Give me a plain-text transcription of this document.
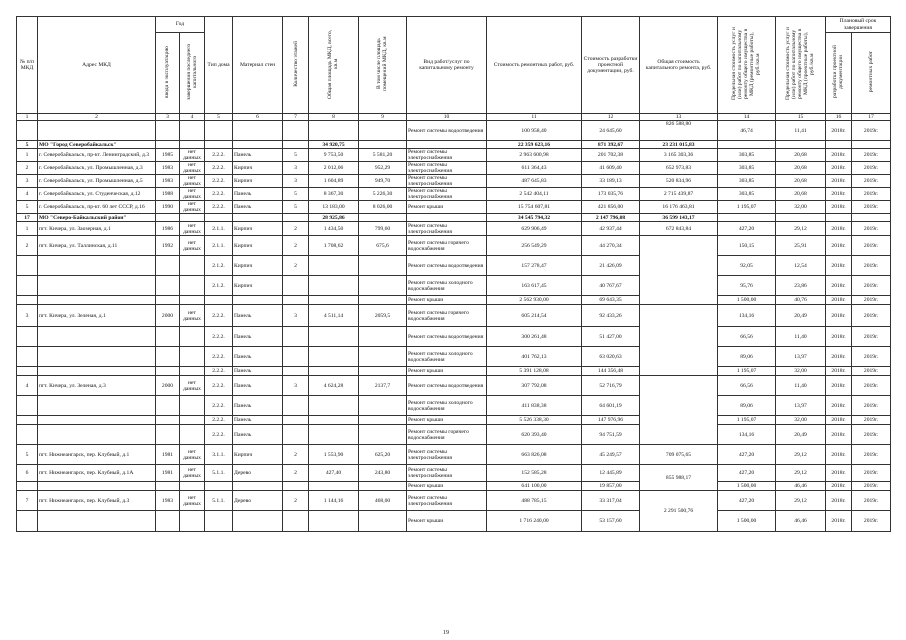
№ п/п МКД	Адрес МКД	Год		Тип дома	Материал стен	Количество этажей	Общая площадь МКД, всего, кв.м	В том числе площадь помещений МКД, кв.м	Вид работ/услуг по капитальному ремонту	Стоимость ремонтных работ, руб.	Стоимость разработки проектной документации, руб.	Общая стоимость капитального ремонта, руб.	Предельная стоимость услуг и (или) работ по капитальному ремонту общего имущества в МКД (ремонтные работы), руб./кв.м	Предельная стоимость услуг и (или) работ по капитальному ремонту общего имущества в МКД (проектные работы), руб./кв.м	Плановый срок завершения	
		ввода в эксплуатацию	завершения последнего капитального												разработки проектной документации	ремонтных работ
1	2	3	4	5	6	7	8	9	10	11	12	13	14	15	16	17
									Ремонт системы водоотведения	100 958,40	24 645,60	826 588,80	46,74	11,41	2018г.	2019г.
5	МО "Город Северобайкальск"						34 920,75			22 359 623,16	871 392,67	23 231 015,83				
1	г. Северобайкальск, пр-кт. Ленинградский, д.3	1985	нет данных	2.2.2.	Панель	5	9 753,50	5 581,20	Ремонт системы электроснабжения	2 963 600,98	201 702,38	3 165 303,36	303,85	20,68	2018г.	2019г.
2	г. Северобайкальск, ул. Промышленная, д.3	1983	нет данных	2.2.2.	Кирпич	3	2 012,06	952,29	Ремонт системы электроснабжения	611 364,43	41 609,40	652 973,83	303,85	20,68	2018г.	2019г.
3	г. Северобайкальск, ул. Промышленная, д.5	1983	нет данных	2.2.2.	Кирпич	3	1 604,89	949,70	Ремонт системы электроснабжения	487 645,83	33 189,13	520 834,96	303,85	20,68	2018г.	2019г.
4	г. Северобайкальск, ул. Студенческая, д.12	1988	нет данных	2.2.2.	Панель	5	8 367,30	5 226,30	Ремонт системы электроснабжения	2 542 404,11	173 035,76	2 715 439,87	303,85	20,68	2018г.	2019г.
5	г. Северобайкальск, пр-кт. 60 лет СССР, д.16	1990	нет данных	2.2.2.	Панель	5	13 183,00	8 026,00	Ремонт крыши	15 754 607,81	421 856,00	16 176 463,81	1 195,07	32,00	2018г.	2019г.
17	МО "Северо-Байкальский район"						28 925,86			34 545 794,32	2 147 796,08	36 599 143,17				
1	пгт. Кичера, ул. Заозерная, д.1	1986	нет данных	2.1.1.	Кирпич	2	1 434,50	799,60	Ремонт системы электроснабжения	629 906,49	42 937,44	672 843,84	427,20	29,12	2018г.	2019г.
2	пгт. Кичера, ул. Таллинская, д.11	1992	нет данных	2.1.1.	Кирпич	2	1 708,62	675,6	Ремонт системы горячего водоснабжения	256 549,29	44 270,34		150,15	25,91	2018г.	2019г.
				2.1.2.	Кирпич	2			Ремонт системы водоотведения	157 278,47	21 426,09		92,05	12,54	2018г.	2019г.
				2.1.2.	Кирпич				Ремонт системы холодного водоснабжения	163 617,45	40 767,67		95,76	23,86	2018г.	2019г.
									Ремонт крыши	2 562 930,00	69 643,35		1 500,00	40,76	2018г.	2019г.
3	пгт. Кичера, ул. Зеленая, д.1	2000	нет данных	2.2.2.	Панель	3	4 511,14	2059,5	Ремонт системы горячего водоснабжения	605 214,54	92 433,26		134,16	20,49	2018г.	2019г.
				2.2.2.	Панель				Ремонт системы водоотведения	300 261,48	51 427,00		66,56	11,40	2018г.	2019г.
				2.2.2.	Панель				Ремонт системы холодного водоснабжения	401 762,13	63 020,63		89,06	13,97	2018г.	2019г.
				2.2.2.	Панель				Ремонт крыши	5 391 128,08	144 356,48		1 195,07	32,00	2018г.	2019г.
4	пгт. Кичера, ул. Зеленая, д.3	2000	нет данных	2.2.2.	Панель	3	4 624,28	2137,7	Ремонт системы водоотведения	307 792,08	52 716,79		66,56	11,40	2018г.	2019г.
				2.2.2.	Панель				Ремонт системы холодного водоснабжения	411 838,38	64 601,19		89,06	13,97	2018г.	2019г.
				2.2.2.	Панель				Ремонт крыши	5 526 338,30	147 976,96		1 195,07	32,00	2018г.	2019г.
				2.2.2.	Панель				Ремонт системы горячего водоснабжения	620 393,40	94 751,59		134,16	20,49	2018г.	2019г.
5	пгт. Нижнеангарск, пер. Клубный, д.1	1981	нет данных	3.1.1.	Кирпич	2	1 553,90	625,20	Ремонт системы электроснабжения	663 826,08	45 249,57	709 075,65	427,20	29,12	2018г.	2019г.
6	пгт. Нижнеангарск, пер. Клубный, д.1А	1981	нет данных	5.1.1.	Дерево	2	427,40	243,80	Ремонт системы электроснабжения	152 585,28	12 445,89	855 988,17	427,20	29,12	2018г.	2019г.
									Ремонт крыши	641 100,00	19 857,00		1 500,00	46,46	2018г.	2019г.
7	пгт. Нижнеангарск, пер. Клубный, д.3	1983	нет данных	5.1.1.	Дерево	2	1 144,16	468,00	Ремонт системы электроснабжения	488 785,15	33 317,04	2 291 500,76	427,20	29,12	2018г.	2019г.
									Ремонт крыши	1 716 240,00	53 157,60		1 500,00	46,46	2018г.	2019г.
19
